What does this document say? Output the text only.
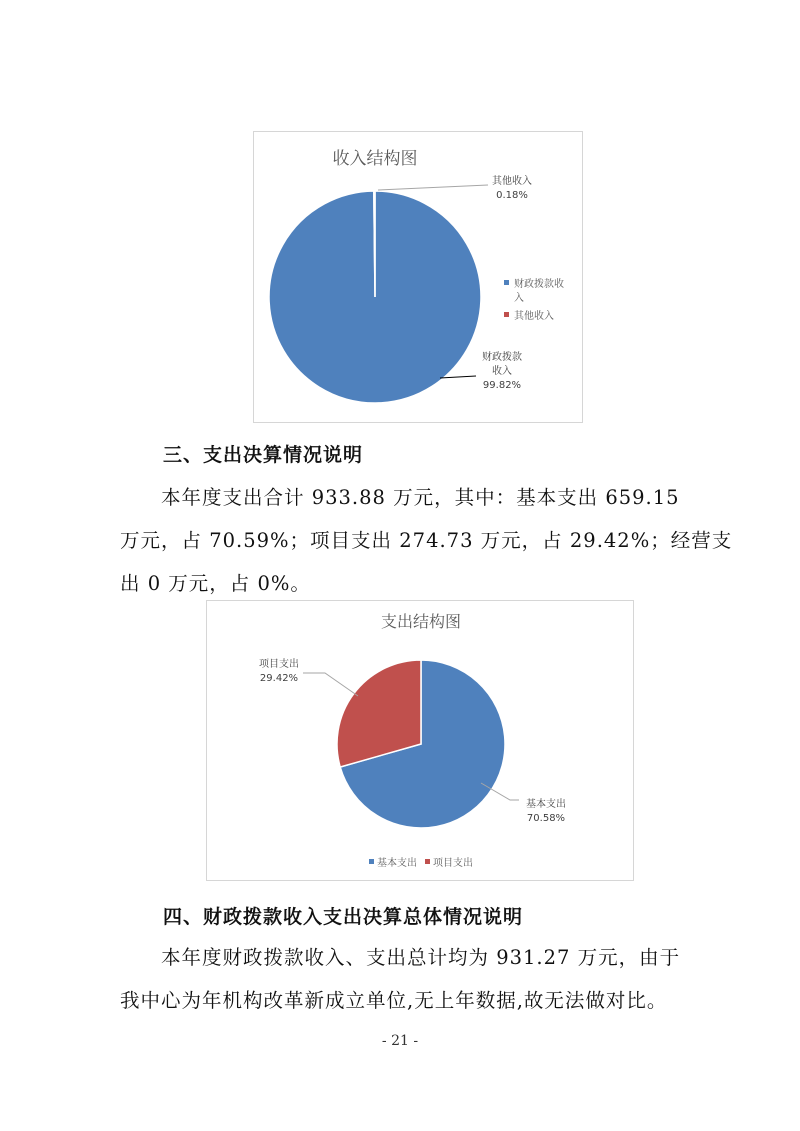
收入结构图
其他收入
0.18%
财政拨款
收入
99.82%
财政拨款收
入
其他收入
三、支出决算情况说明
本年度支出合计 933.88 万元，其中：基本支出 659.15
万元，占 70.59%；项目支出 274.73 万元，占 29.42%；经营支
出 0 万元，占 0%。
支出结构图
项目支出
29.42%
基本支出
70.58%
基本支出 项目支出
四、财政拨款收入支出决算总体情况说明
本年度财政拨款收入、支出总计均为 931.27 万元，由于
我中心为年机构改革新成立单位,无上年数据,故无法做对比。
- 21 -
